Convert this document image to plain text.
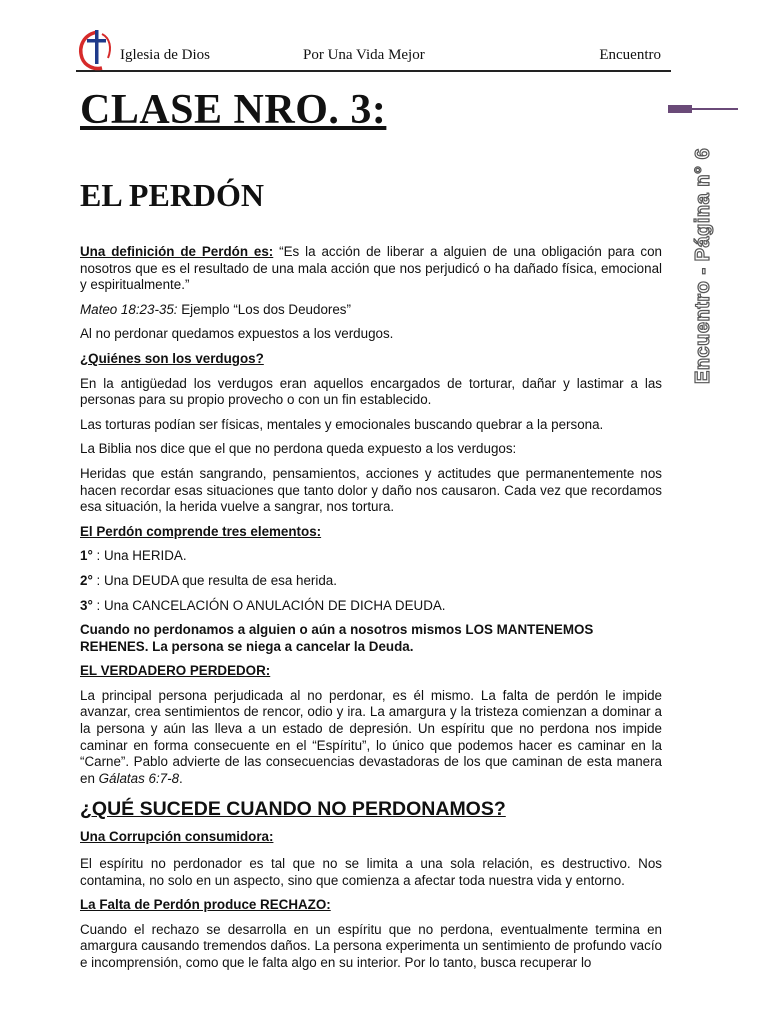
Iglesia de Dios	Por Una Vida Mejor	Encuentro
Encuentro - Página n° 6
CLASE NRO. 3:
EL PERDÓN

Una definición de Perdón es: “Es la acción de liberar a alguien de una obligación para con nosotros que es el resultado de una mala acción que nos perjudicó o ha dañado física, emocional y espiritualmente.”

Mateo 18:23-35: Ejemplo “Los dos Deudores”

Al no perdonar quedamos expuestos a los verdugos.

¿Quiénes son los verdugos?

En la antigüedad los verdugos eran aquellos encargados de torturar, dañar y lastimar a las personas para su propio provecho o con un fin establecido.

Las torturas podían ser físicas, mentales y emocionales buscando quebrar a la persona.

La Biblia nos dice que el que no perdona queda expuesto a los verdugos:

Heridas que están sangrando, pensamientos, acciones y actitudes que permanentemente nos hacen recordar esas situaciones que tanto dolor y daño nos causaron. Cada vez que recordamos esa situación, la herida vuelve a sangrar, nos tortura.

El Perdón comprende tres elementos:

1° : Una HERIDA.

2° : Una DEUDA que resulta de esa herida.

3° : Una CANCELACIÓN O ANULACIÓN DE DICHA DEUDA.

Cuando no perdonamos a alguien o aún a nosotros mismos LOS MANTENEMOS REHENES. La persona se niega a cancelar la Deuda.

EL VERDADERO PERDEDOR:

La principal persona perjudicada al no perdonar, es él mismo. La falta de perdón le impide avanzar, crea sentimientos de rencor, odio y ira. La amargura y la tristeza comienzan a dominar a la persona y aún las lleva a un estado de depresión. Un espíritu que no perdona nos impide caminar en forma consecuente en el “Espíritu”, lo único que podemos hacer es caminar en la “Carne”. Pablo advierte de las consecuencias devastadoras de los que caminan de esta manera en Gálatas 6:7-8.

¿QUÉ SUCEDE CUANDO NO PERDONAMOS?

Una Corrupción consumidora:

El espíritu no perdonador es tal que no se limita a una sola relación, es destructivo. Nos contamina, no solo en un aspecto, sino que comienza a afectar toda nuestra vida y entorno.

La Falta de Perdón produce RECHAZO:

Cuando el rechazo se desarrolla en un espíritu que no perdona, eventualmente termina en amargura causando tremendos daños. La persona experimenta un sentimiento de profundo vacío e incomprensión, como que le falta algo en su interior. Por lo tanto, busca recuperar lo
